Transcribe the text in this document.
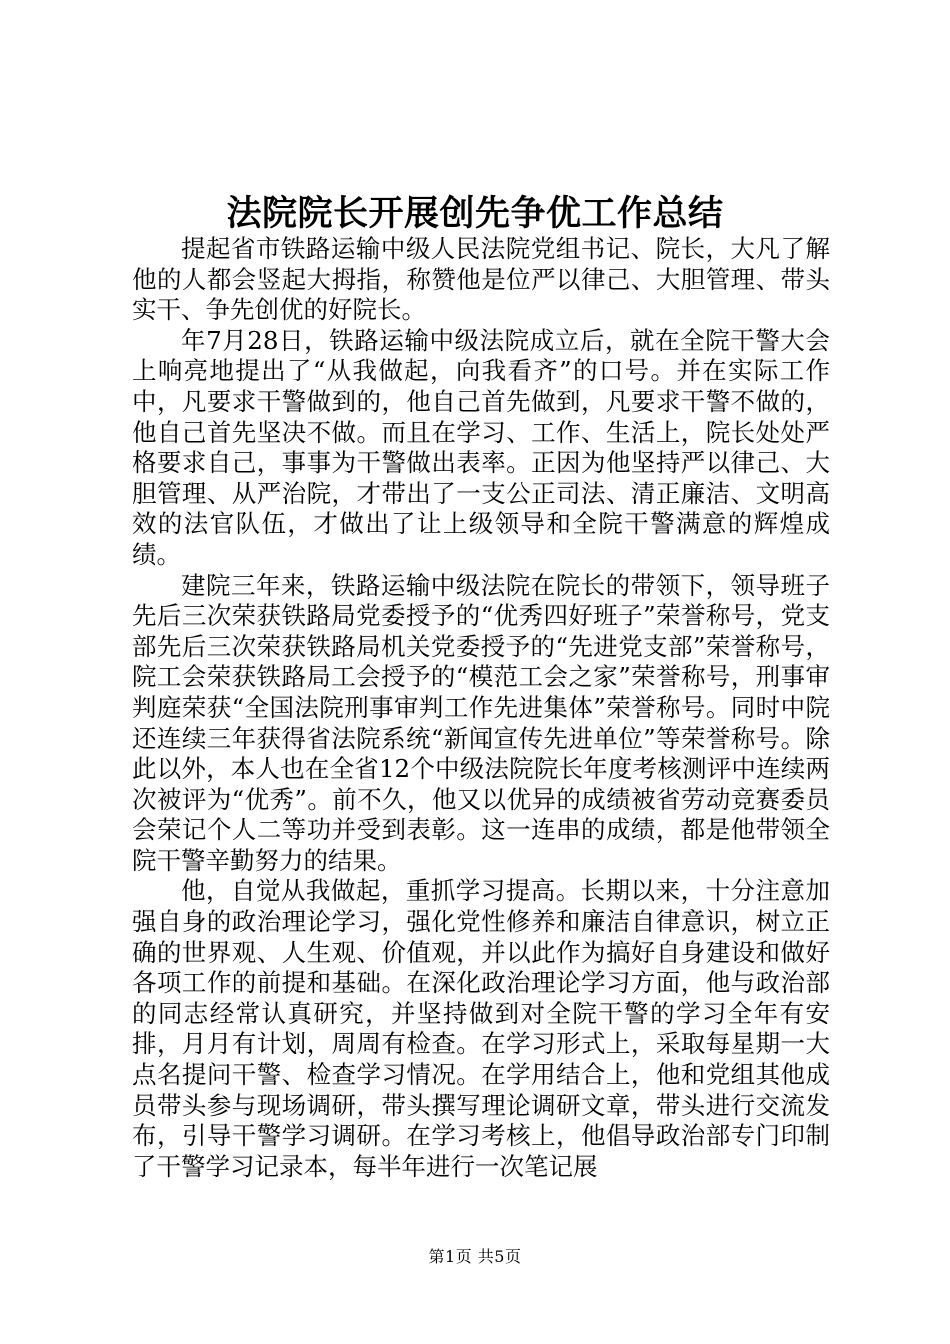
法院院长开展创先争优工作总结

提起省市铁路运输中级人民法院党组书记、院长，大凡了解他的人都会竖起大拇指，称赞他是位严以律己、大胆管理、带头实干、争先创优的好院长。

年7月28日，铁路运输中级法院成立后，就在全院干警大会上响亮地提出了“从我做起，向我看齐”的口号。并在实际工作中，凡要求干警做到的，他自己首先做到，凡要求干警不做的，他自己首先坚决不做。而且在学习、工作、生活上，院长处处严格要求自己，事事为干警做出表率。正因为他坚持严以律己、大胆管理、从严治院，才带出了一支公正司法、清正廉洁、文明高效的法官队伍，才做出了让上级领导和全院干警满意的辉煌成绩。

建院三年来，铁路运输中级法院在院长的带领下，领导班子先后三次荣获铁路局党委授予的“优秀四好班子”荣誉称号，党支部先后三次荣获铁路局机关党委授予的“先进党支部”荣誉称号，院工会荣获铁路局工会授予的“模范工会之家”荣誉称号，刑事审判庭荣获“全国法院刑事审判工作先进集体”荣誉称号。同时中院还连续三年获得省法院系统“新闻宣传先进单位”等荣誉称号。除此以外，本人也在全省12个中级法院院长年度考核测评中连续两次被评为“优秀”。前不久，他又以优异的成绩被省劳动竞赛委员会荣记个人二等功并受到表彰。这一连串的成绩，都是他带领全院干警辛勤努力的结果。

他，自觉从我做起，重抓学习提高。长期以来，十分注意加强自身的政治理论学习，强化党性修养和廉洁自律意识，树立正确的世界观、人生观、价值观，并以此作为搞好自身建设和做好各项工作的前提和基础。在深化政治理论学习方面，他与政治部的同志经常认真研究，并坚持做到对全院干警的学习全年有安排，月月有计划，周周有检查。在学习形式上，采取每星期一大点名提问干警、检查学习情况。在学用结合上，他和党组其他成员带头参与现场调研，带头撰写理论调研文章，带头进行交流发布，引导干警学习调研。在学习考核上，他倡导政治部专门印制了干警学习记录本，每半年进行一次笔记展

第1页 共5页
